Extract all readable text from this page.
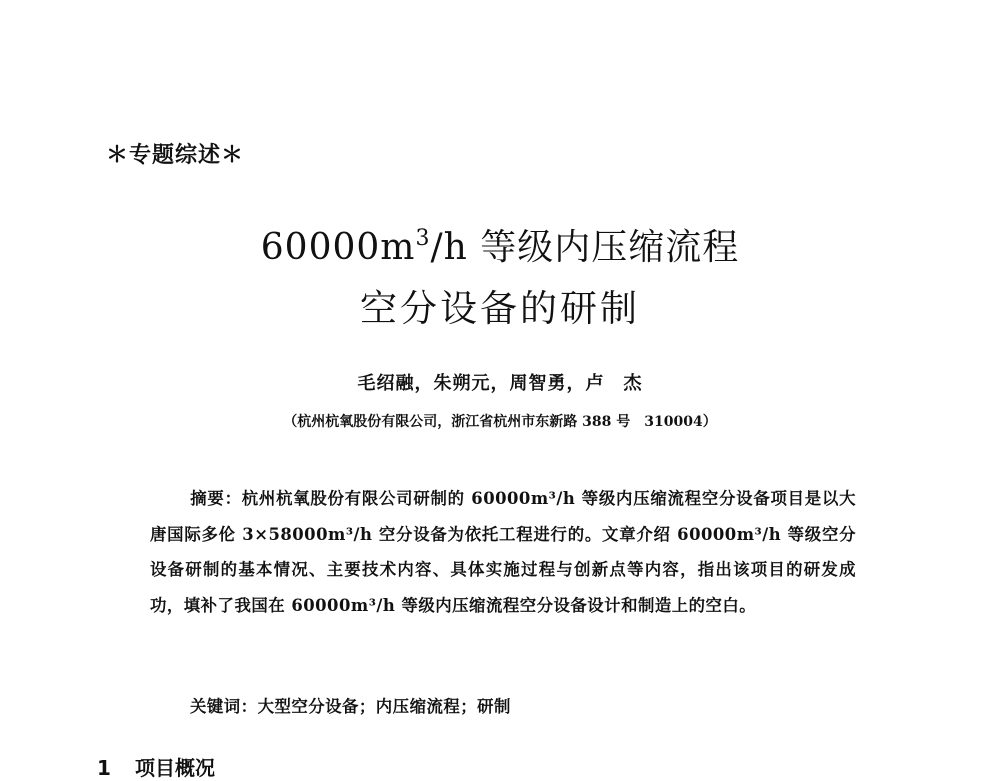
＊专题综述＊
$60000m^3/h$ 等级内压缩流程
空分设备的研制
毛绍融，朱朔元，周智勇，卢　杰
（杭州杭氧股份有限公司，浙江省杭州市东新路 388 号　310004）
摘要：杭州杭氧股份有限公司研制的 60000m³/h 等级内压缩流程空分设备项目是以大唐国际多伦 3×58000m³/h 空分设备为依托工程进行的。文章介绍 60000m³/h 等级空分设备研制的基本情况、主要技术内容、具体实施过程与创新点等内容，指出该项目的研发成功，填补了我国在 60000m³/h 等级内压缩流程空分设备设计和制造上的空白。
关键词：大型空分设备；内压缩流程；研制
1 项目概况
